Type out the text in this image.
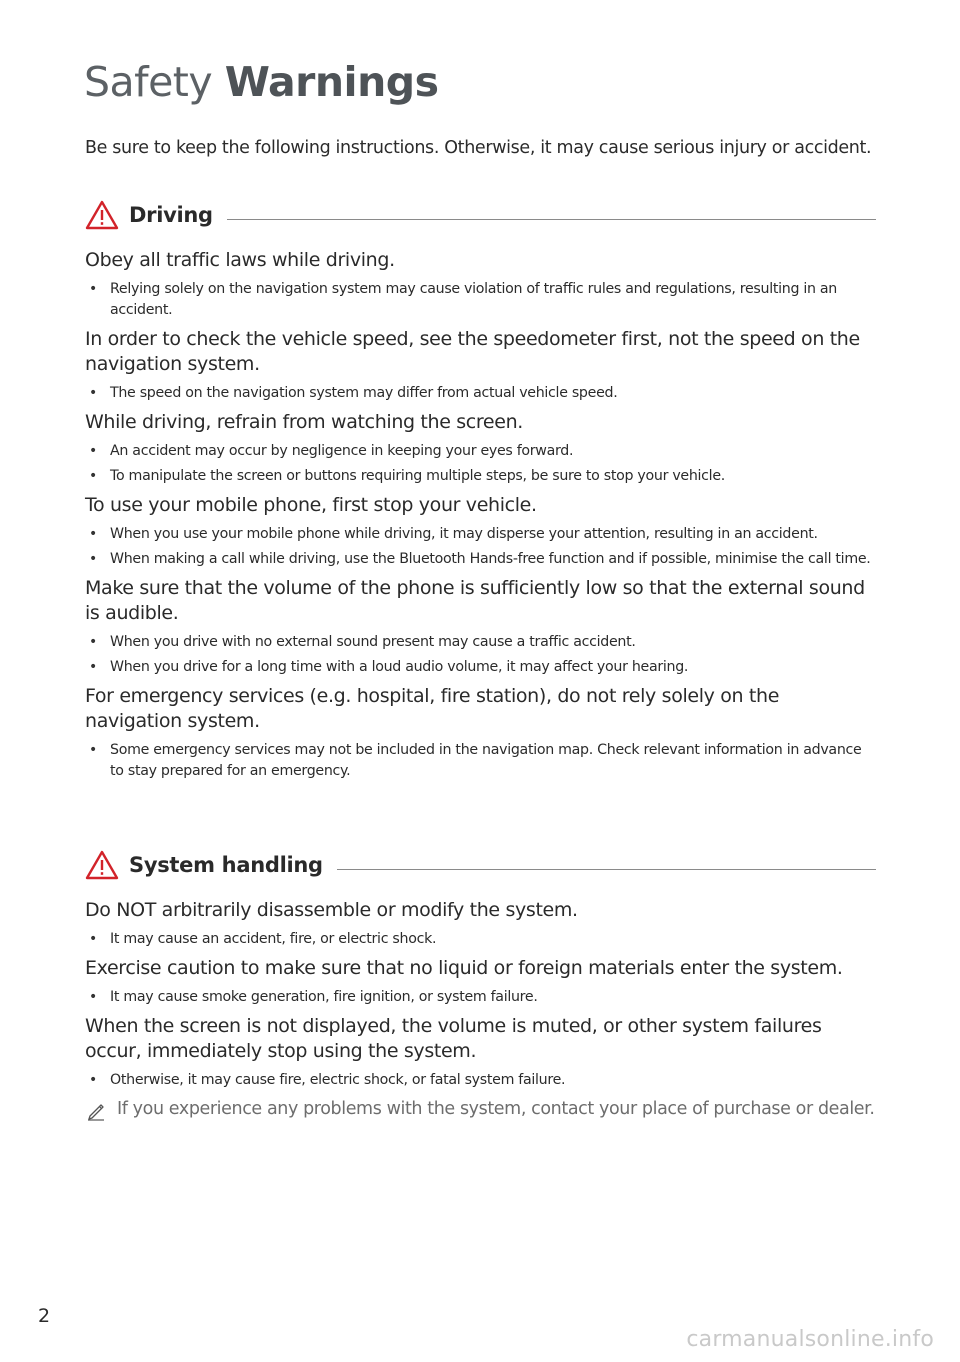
Safety Warnings
Be sure to keep the following instructions. Otherwise, it may cause serious injury or accident.
Driving

Obey all traffic laws while driving.

• Relying solely on the navigation system may cause violation of traffic rules and regulations, resulting in an accident.

In order to check the vehicle speed, see the speedometer first, not the speed on the navigation system.

• The speed on the navigation system may differ from actual vehicle speed.

While driving, refrain from watching the screen.

• An accident may occur by negligence in keeping your eyes forward.
• To manipulate the screen or buttons requiring multiple steps, be sure to stop your vehicle.

To use your mobile phone, first stop your vehicle.

• When you use your mobile phone while driving, it may disperse your attention, resulting in an accident.
• When making a call while driving, use the Bluetooth Hands-free function and if possible, minimise the call time.

Make sure that the volume of the phone is sufficiently low so that the external sound is audible.

• When you drive with no external sound present may cause a traffic accident.
• When you drive for a long time with a loud audio volume, it may affect your hearing.

For emergency services (e.g. hospital, fire station), do not rely solely on the navigation system.

• Some emergency services may not be included in the navigation map. Check relevant information in advance to stay prepared for an emergency.
System handling

Do NOT arbitrarily disassemble or modify the system.

• It may cause an accident, fire, or electric shock.

Exercise caution to make sure that no liquid or foreign materials enter the system.

• It may cause smoke generation, fire ignition, or system failure.

When the screen is not displayed, the volume is muted, or other system failures occur, immediately stop using the system.

• Otherwise, it may cause fire, electric shock, or fatal system failure.
If you experience any problems with the system, contact your place of purchase or dealer.
2
carmanualsonline.info
